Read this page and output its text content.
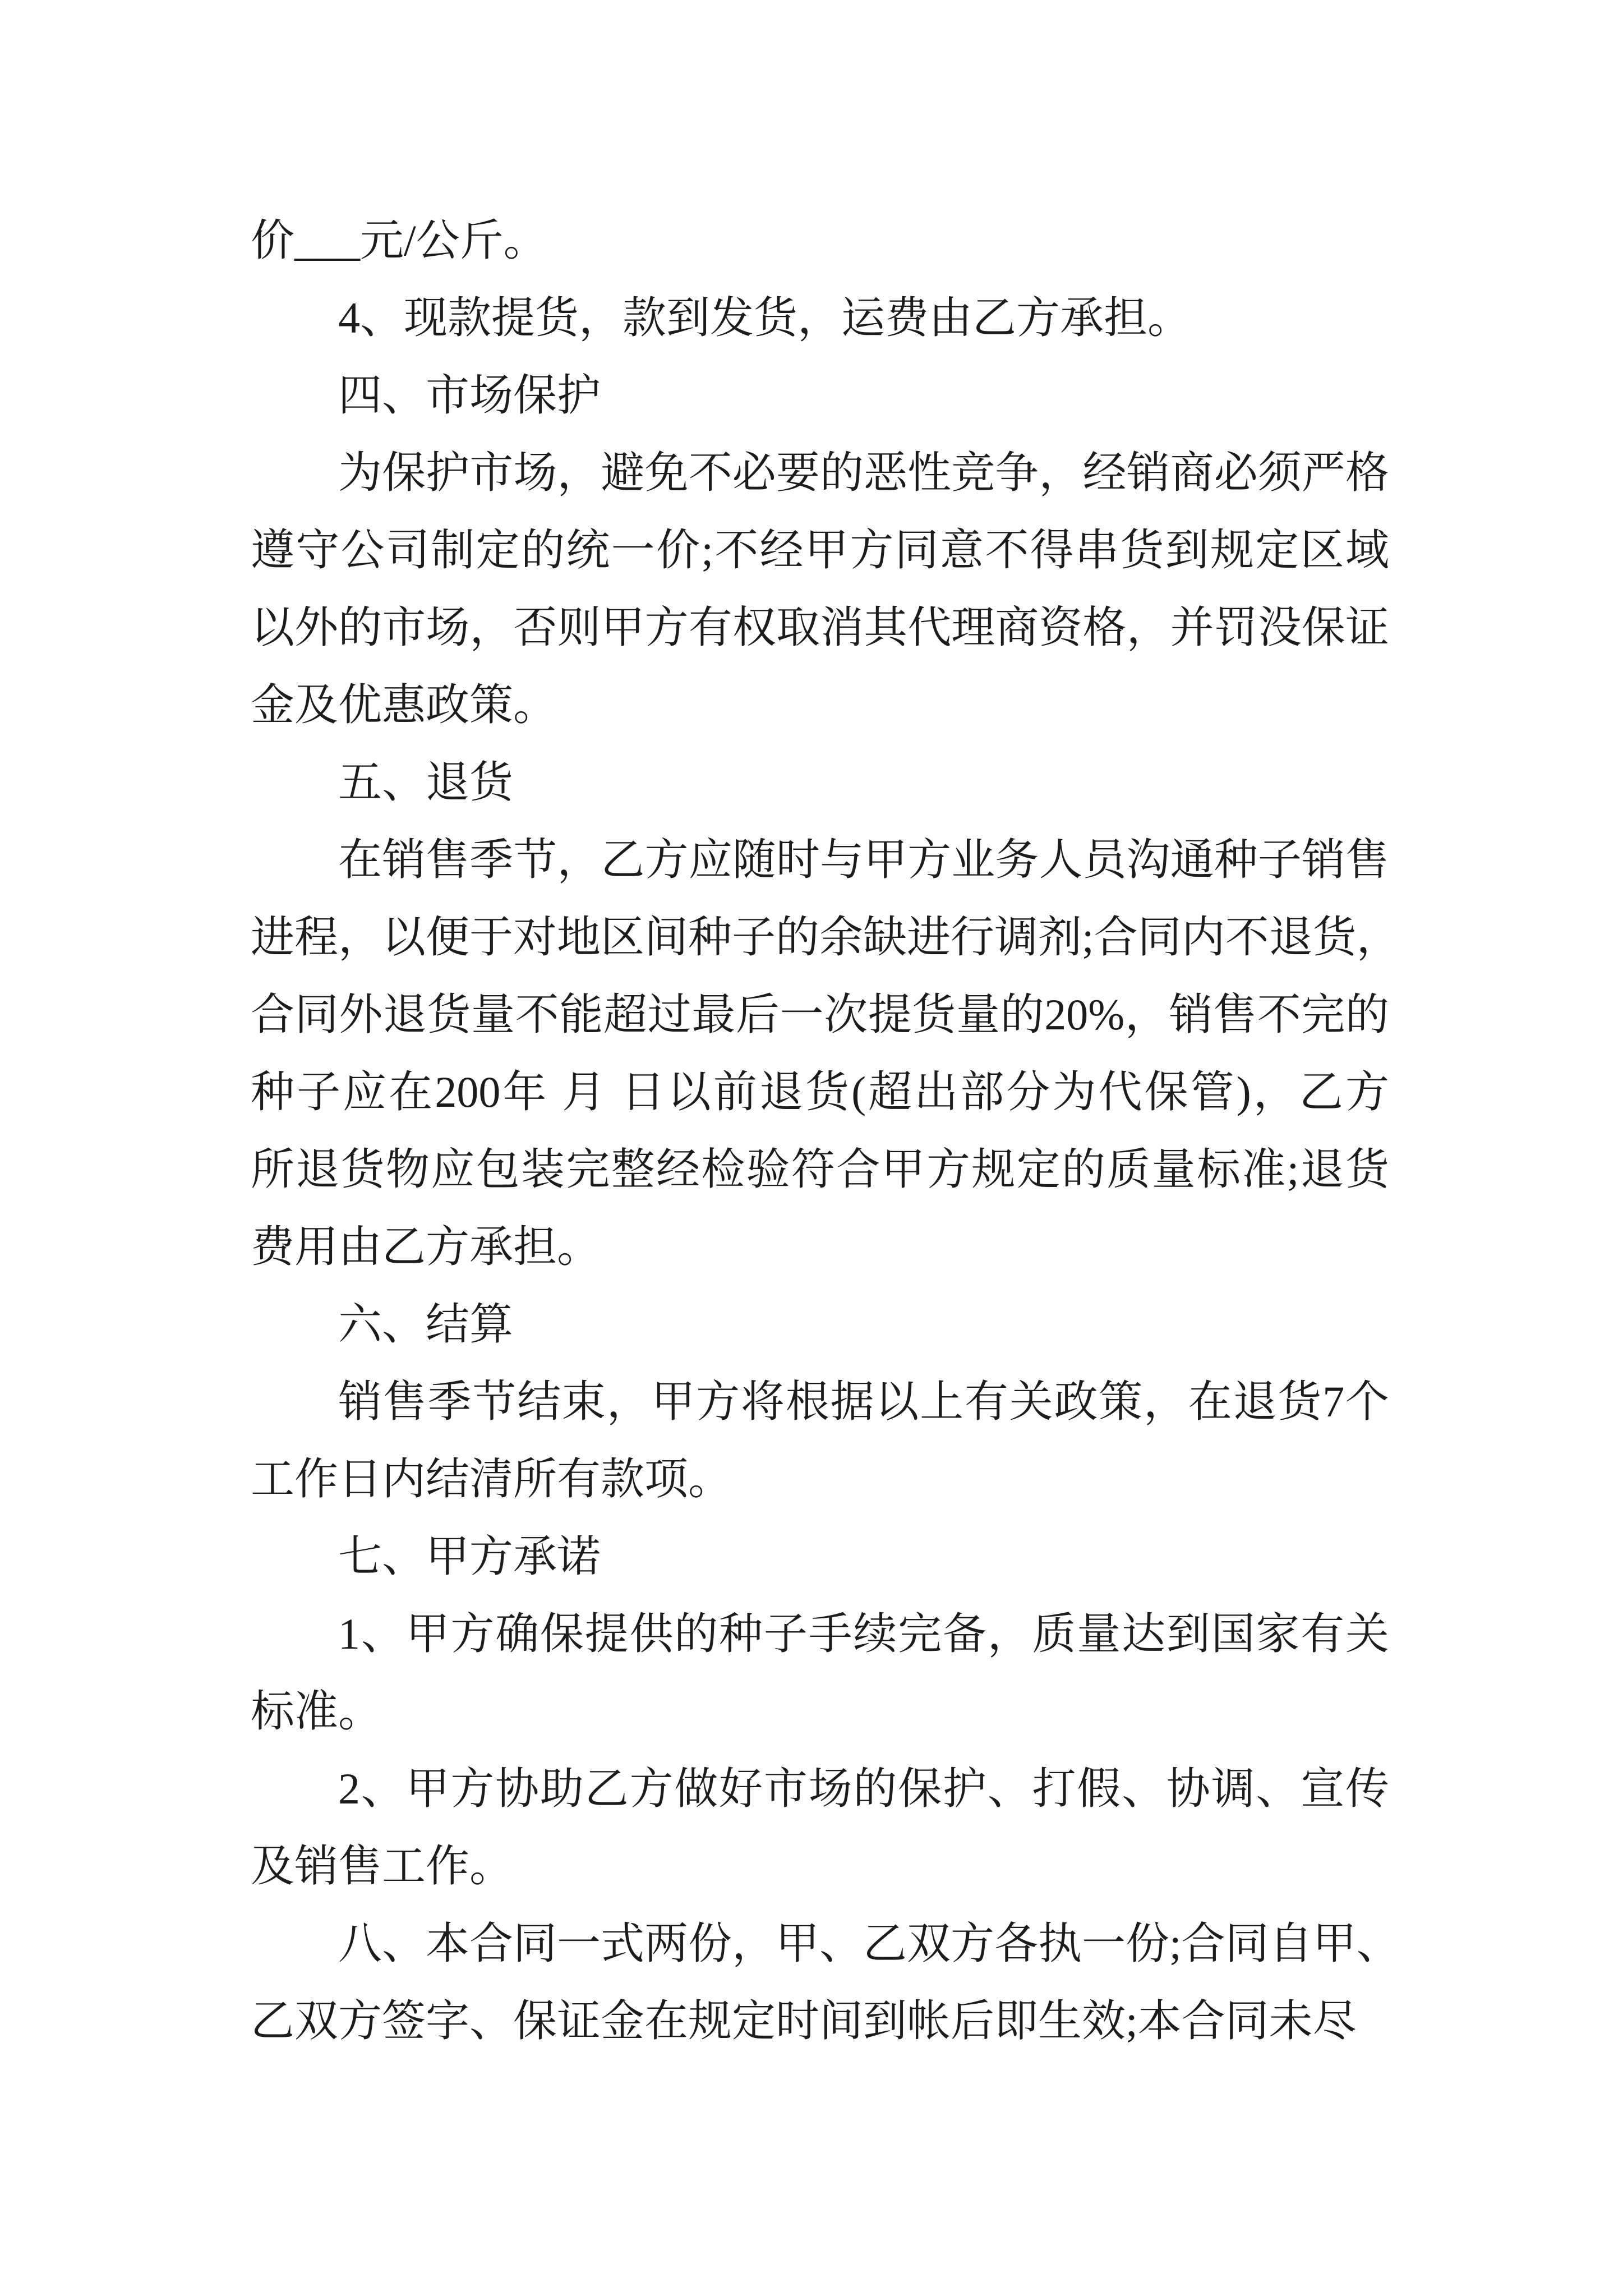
价___元/公斤。
4、现款提货，款到发货，运费由乙方承担。
四、市场保护
为保护市场，避免不必要的恶性竞争，经销商必须严格
遵守公司制定的统一价;不经甲方同意不得串货到规定区域
以外的市场，否则甲方有权取消其代理商资格，并罚没保证
金及优惠政策。
五、退货
在销售季节，乙方应随时与甲方业务人员沟通种子销售
进程，以便于对地区间种子的余缺进行调剂;合同内不退货，
合同外退货量不能超过最后一次提货量的20%，销售不完的
种子应在200年 月 日以前退货(超出部分为代保管)，乙方
所退货物应包装完整经检验符合甲方规定的质量标准;退货
费用由乙方承担。
六、结算
销售季节结束，甲方将根据以上有关政策，在退货7个
工作日内结清所有款项。
七、甲方承诺
1、甲方确保提供的种子手续完备，质量达到国家有关
标准。
2、甲方协助乙方做好市场的保护、打假、协调、宣传
及销售工作。
八、本合同一式两份，甲、乙双方各执一份;合同自甲、
乙双方签字、保证金在规定时间到帐后即生效;本合同未尽
